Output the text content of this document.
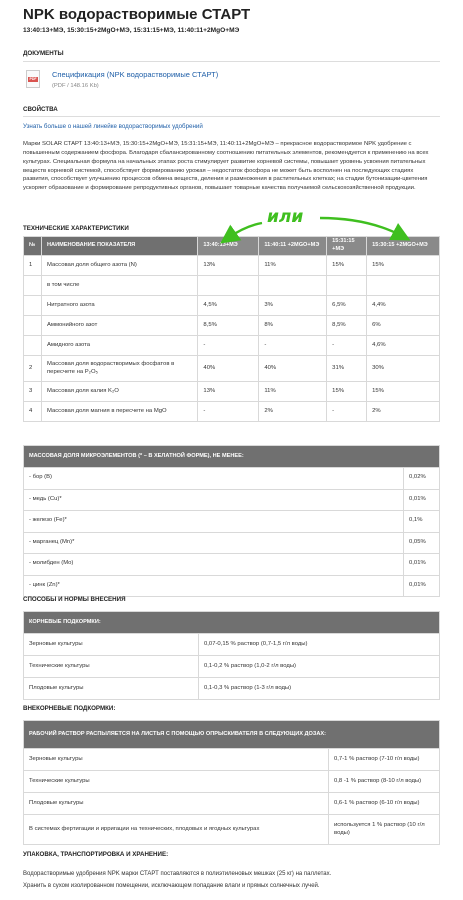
NPK водорастворимые СТАРТ
13:40:13+МЭ, 15:30:15+2MgO+МЭ, 15:31:15+МЭ, 11:40:11+2MgO+МЭ
ДОКУМЕНТЫ
PDF Спецификация (NPK водорастворимые СТАРТ)
(PDF / 148.16 Kb)
СВОЙСТВА
Узнать больше о нашей линейке водорастворимых удобрений

Марки SOLAR СТАРТ 13:40:13+МЭ, 15:30:15+2MgO+МЭ, 15:31:15+МЭ, 11:40:11+2MgO+МЭ – прекрасное водорастворимое NPK удобрение с повышенным содержанием фосфора. Благодаря сбалансированному соотношению питательных элементов, рекомендуется к применению на всех культурах. Специальная формула на начальных этапах роста стимулирует развитие корневой системы, повышает уровень усвоения питательных веществ корневой системой, способствует формированию урожая – недостаток фосфора не может быть восполнен на последующих стадиях развития, способствует улучшению процессов обмена веществ, деления и размножения в растительных клетках; на стадии бутонизации-цветения ускоряет образование и формирование репродуктивных органов, повышает товарные качества получаемой сельскохозяйственной продукции.

ТЕХНИЧЕСКИЕ ХАРАКТЕРИСТИКИ
№	НАИМЕНОВАНИЕ ПОКАЗАТЕЛЯ	13:40:13+МЭ	11:40:11 +2MGO+МЭ	15:31:15 +МЭ	15:30:15 +2MGO+МЭ
1	Массовая доля общего азота (N)	13%	11%	15%	15%
	в том числе				
	Нитратного азота	4,5%	3%	6,5%	4,4%
	Аммонийного азот	8,5%	8%	8,5%	6%
	Амидного азота	-	-	-	4,6%
2	Массовая доля водорастворимых фосфатов в пересчете на P₂O₅	40%	40%	31%	30%
3	Массовая доля калия K₂O	13%	11%	15%	15%
4	Массовая доля магния в пересчете на MgO	-	2%	-	2%
МАССОВАЯ ДОЛЯ МИКРОЭЛЕМЕНТОВ (* – В ХЕЛАТНОЙ ФОРМЕ), НЕ МЕНЕЕ:	
- бор (B)	0,02%
- медь (Cu)*	0,01%
- железо (Fe)*	0,1%
- марганец (Mn)*	0,05%
- молибден (Mo)	0,01%
- цинк (Zn)*	0,01%
СПОСОБЫ И НОРМЫ ВНЕСЕНИЯ
КОРНЕВЫЕ ПОДКОРМКИ:	
Зерновые культуры	0,07-0,15 % раствор (0,7-1,5 г/л воды)
Технические культуры	0,1-0,2 % раствор (1,0-2 г/л воды)
Плодовые культуры	0,1-0,3 % раствор (1-3 г/л воды)
ВНЕКОРНЕВЫЕ ПОДКОРМКИ:
РАБОЧИЙ РАСТВОР РАСПЫЛЯЕТСЯ НА ЛИСТЬЯ С ПОМОЩЬЮ ОПРЫСКИВАТЕЛЯ В СЛЕДУЮЩИХ ДОЗАХ:	
Зерновые культуры	0,7-1 % раствор (7-10 г/л воды)
Технические культуры	0,8 -1 % раствор (8-10 г/л воды)
Плодовые культуры	0,6-1 % раствор (6-10 г/л воды)
В системах фертигации и ирригации на технических, плодовых и ягодных культурах	используется 1 % раствор (10 г/л воды)
УПАКОВКА, ТРАНСПОРТИРОВКА И ХРАНЕНИЕ:
Водорастворимые удобрения NPK марки СТАРТ поставляются в полиэтиленовых мешках (25 кг) на паллетах.
Хранить в сухом изолированном помещении, исключающем попадание влаги и прямых солнечных лучей.
или
